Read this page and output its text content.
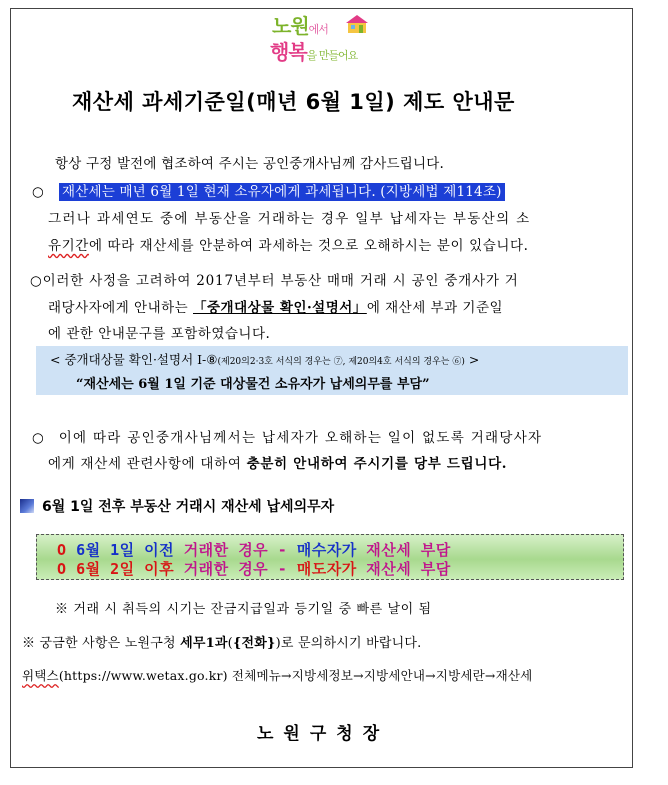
노원에서
행복을 만들어요
재산세 과세기준일(매년 6월 1일) 제도 안내문
항상 구정 발전에 협조하여 주시는 공인중개사님께 감사드립니다.
○ 재산세는 매년 6월 1일 현재 소유자에게 과세됩니다. (지방세법 제114조)
그러나 과세연도 중에 부동산을 거래하는 경우 일부 납세자는 부동산의 소
유기간에 따라 재산세를 안분하여 과세하는 것으로 오해하시는 분이 있습니다.
○이러한 사정을 고려하여 2017년부터 부동산 매매 거래 시 공인 중개사가 거
래당사자에게 안내하는 「중개대상물 확인·설명서」에 재산세 부과 기준일
에 관한 안내문구를 포함하였습니다.
< 중개대상물 확인·설명서 Ⅰ-⑧(제20의2·3호 서식의 경우는 ⑦, 제20의4호 서식의 경우는 ⑥) >
“재산세는 6월 1일 기준 대상물건 소유자가 납세의무를 부담”
○ 이에 따라 공인중개사님께서는 납세자가 오해하는 일이 없도록 거래당사자
에게 재산세 관련사항에 대하여 충분히 안내하여 주시기를 당부 드립니다.
6월 1일 전후 부동산 거래시 재산세 납세의무자
O 6월 1일 이전 거래한 경우 - 매수자가 재산세 부담
O 6월 2일 이후 거래한 경우 - 매도자가 재산세 부담
※ 거래 시 취득의 시기는 잔금지급일과 등기일 중 빠른 날이 됨
※ 궁금한 사항은 노원구청 세무1과({전화})로 문의하시기 바랍니다.
위택스(https://www.wetax.go.kr) 전체메뉴→지방세정보→지방세안내→지방세란→재산세
노원구청장
